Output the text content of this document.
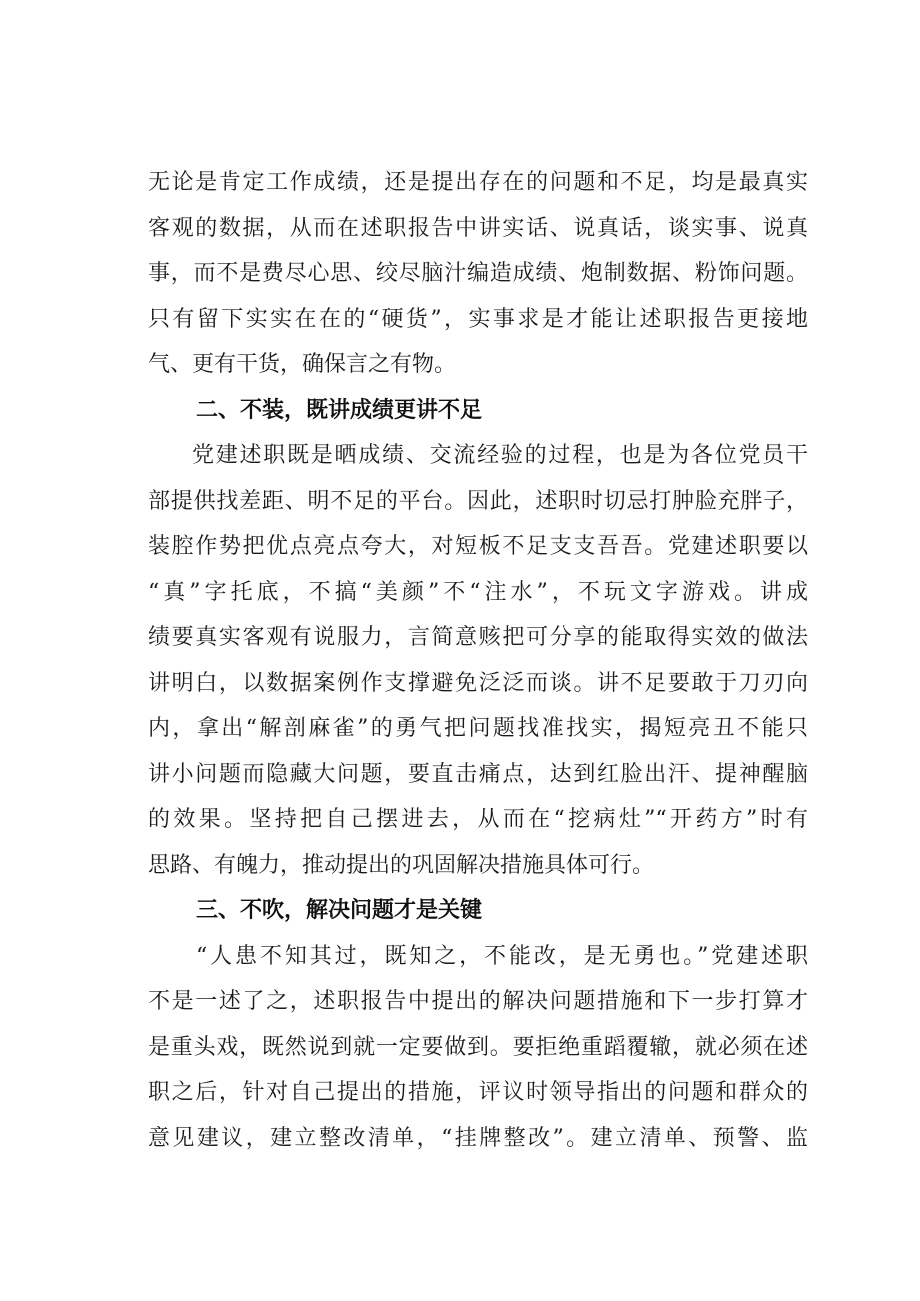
无论是肯定工作成绩，还是提出存在的问题和不足，均是最真实
客观的数据，从而在述职报告中讲实话、说真话，谈实事、说真
事，而不是费尽心思、绞尽脑汁编造成绩、炮制数据、粉饰问题。
只有留下实实在在的“硬货”，实事求是才能让述职报告更接地
气、更有干货，确保言之有物。
二、不装，既讲成绩更讲不足
党建述职既是晒成绩、交流经验的过程，也是为各位党员干
部提供找差距、明不足的平台。因此，述职时切忌打肿脸充胖子，
装腔作势把优点亮点夸大，对短板不足支支吾吾。党建述职要以
“真”字托底，不搞“美颜”不“注水”，不玩文字游戏。讲成
绩要真实客观有说服力，言简意赅把可分享的能取得实效的做法
讲明白，以数据案例作支撑避免泛泛而谈。讲不足要敢于刀刃向
内，拿出“解剖麻雀”的勇气把问题找准找实，揭短亮丑不能只
讲小问题而隐藏大问题，要直击痛点，达到红脸出汗、提神醒脑
的效果。坚持把自己摆进去，从而在“挖病灶”“开药方”时有
思路、有魄力，推动提出的巩固解决措施具体可行。
三、不吹，解决问题才是关键
“人患不知其过，既知之，不能改，是无勇也。”党建述职
不是一述了之，述职报告中提出的解决问题措施和下一步打算才
是重头戏，既然说到就一定要做到。要拒绝重蹈覆辙，就必须在述
职之后，针对自己提出的措施，评议时领导指出的问题和群众的
意见建议，建立整改清单，“挂牌整改”。建立清单、预警、监
